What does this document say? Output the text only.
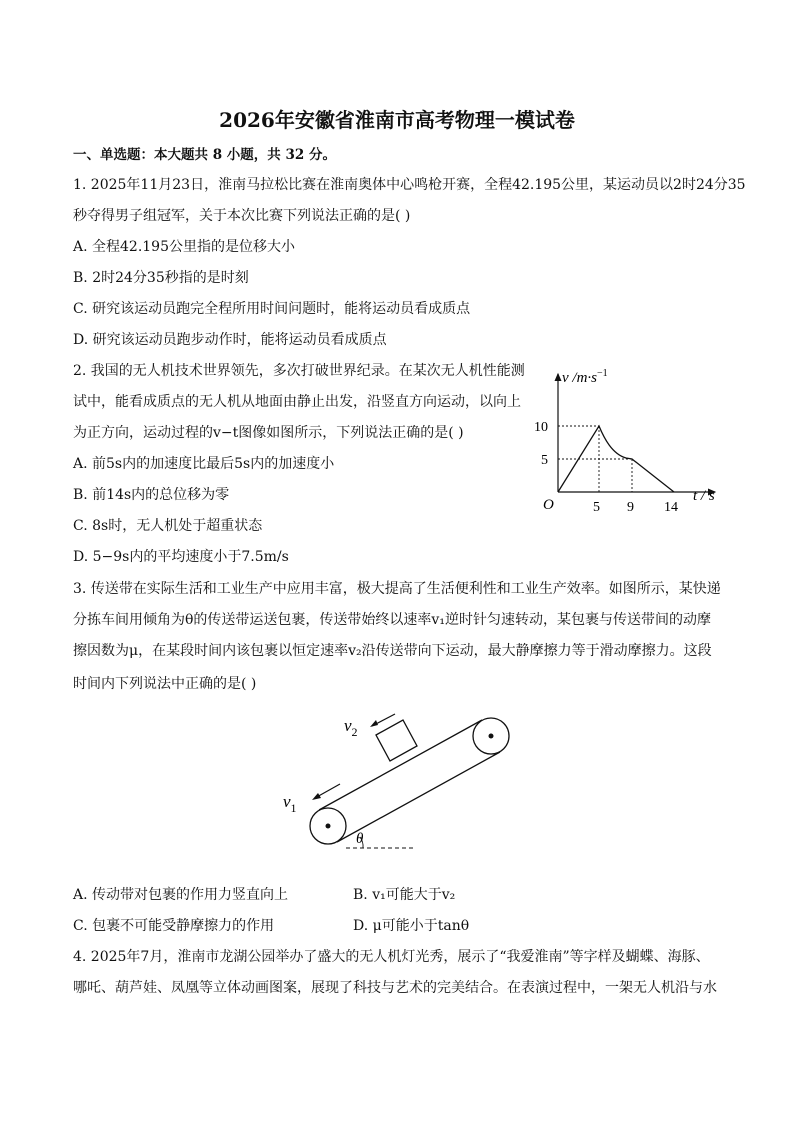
2026年安徽省淮南市高考物理一模试卷
一、单选题：本大题共 8 小题，共 32 分。
1. 2025年11月23日，淮南马拉松比赛在淮南奥体中心鸣枪开赛，全程42.195公里，某运动员以2时24分35
秒夺得男子组冠军，关于本次比赛下列说法正确的是( )
A. 全程42.195公里指的是位移大小
B. 2时24分35秒指的是时刻
C. 研究该运动员跑完全程所用时间问题时，能将运动员看成质点
D. 研究该运动员跑步动作时，能将运动员看成质点
2. 我国的无人机技术世界领先，多次打破世界纪录。在某次无人机性能测
试中，能看成质点的无人机从地面由静止出发，沿竖直方向运动，以向上
为正方向，运动过程的v−t图像如图所示，下列说法正确的是( )
A. 前5s内的加速度比最后5s内的加速度小
B. 前14s内的总位移为零
C. 8s时，无人机处于超重状态
D. 5−9s内的平均速度小于7.5m/s
v $/m\cdot s^{-1}$
t / s
O	5 9 14
10
5
3. 传送带在实际生活和工业生产中应用丰富，极大提高了生活便利性和工业生产效率。如图所示，某快递
分拣车间用倾角为θ的传送带运送包裹，传送带始终以速率v₁逆时针匀速转动，某包裹与传送带间的动摩
擦因数为μ，在某段时间内该包裹以恒定速率v₂沿传送带向下运动，最大静摩擦力等于滑动摩擦力。这段
时间内下列说法中正确的是( )
$v_2$
$v_1$
θ
A. 传动带对包裹的作用力竖直向上	B. v₁可能大于v₂
C. 包裹不可能受静摩擦力的作用	D. μ可能小于tanθ
4. 2025年7月，淮南市龙湖公园举办了盛大的无人机灯光秀，展示了“我爱淮南”等字样及蝴蝶、海豚、
哪吒、葫芦娃、凤凰等立体动画图案，展现了科技与艺术的完美结合。在表演过程中，一架无人机沿与水
